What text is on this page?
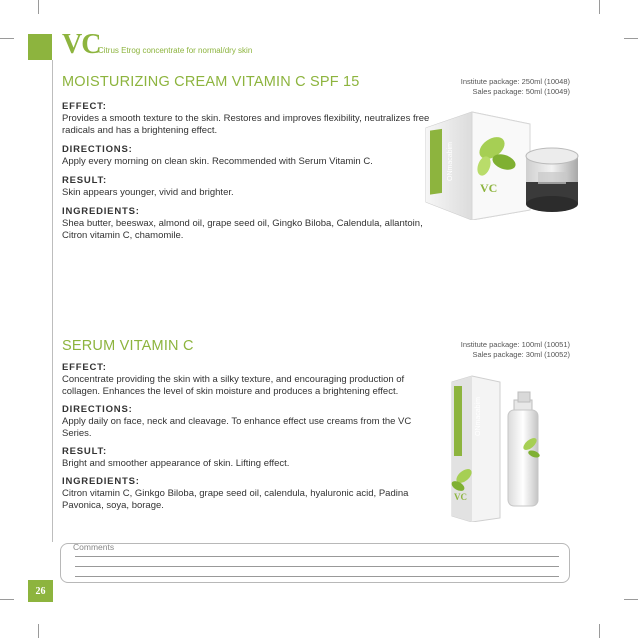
VC
Citrus Etrog concentrate for normal/dry skin
MOISTURIZING CREAM VITAMIN C SPF 15	Institute package: 250ml (10048)
Sales package: 50ml (10049)
EFFECT:
Provides a smooth texture to the skin. Restores and improves flexibility, neutralizes free radicals and has a brightening effect.
DIRECTIONS:
Apply every morning on clean skin. Recommended with Serum Vitamin C.
RESULT:
Skin appears younger, vivid and brighter.
INGREDIENTS:
Shea butter, beeswax, almond oil, grape seed oil, Gingko Biloba, Calendula, allantoin, Citron vitamin C, chamomile.
ONmacabim
VC
SERUM VITAMIN C	Institute package: 100ml (10051)
Sales package: 30ml (10052)
EFFECT:
Concentrate providing the skin with a silky texture, and encouraging production of collagen. Enhances the level of skin moisture and produces a brightening effect.
DIRECTIONS:
Apply daily on face, neck and cleavage. To enhance effect use creams from the VC Series.
RESULT:
Bright and smoother appearance of skin. Lifting effect.
INGREDIENTS:
Citron vitamin C, Ginkgo Biloba, grape seed oil, calendula, hyaluronic acid, Padina Pavonica, soya, borage.
ONmacabim
VC
Comments
26
